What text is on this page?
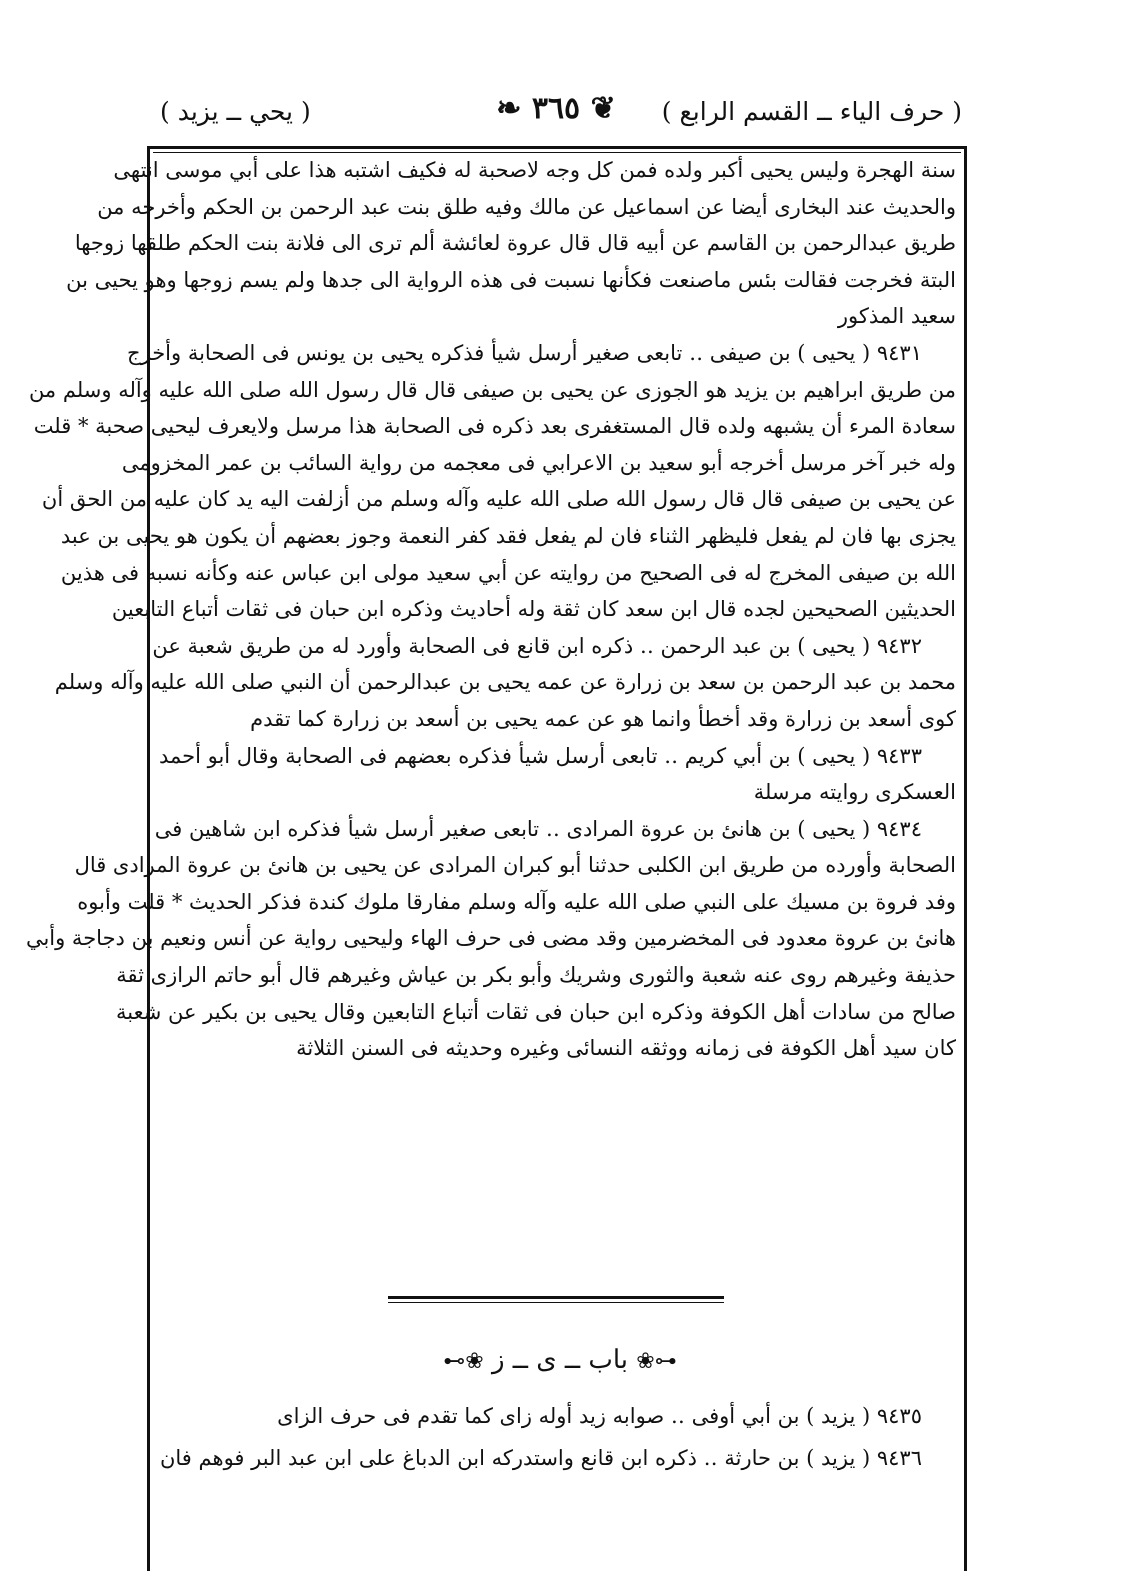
( حرف الياء ــ القسم الرابع )
❦ ٣٦٥ ❧
( يحي ــ يزيد )
سنة الهجرة وليس يحيى أكبر ولده فمن كل وجه لاصحبة له فكيف اشتبه هذا على أبي موسى انتهى
والحديث عند البخارى أيضا عن اسماعيل عن مالك وفيه طلق بنت عبد الرحمن بن الحكم وأخرجه من
طريق عبدالرحمن بن القاسم عن أبيه قال قال عروة لعائشة ألم ترى الى فلانة بنت الحكم طلقها زوجها
البتة فخرجت فقالت بئس ماصنعت فكأنها نسبت فى هذه الرواية الى جدها ولم يسم زوجها وهو يحيى بن
سعيد المذكور
٩٤٣١ ( يحيى ) بن صيفى ‥ تابعى صغير أرسل شيأ فذكره يحيى بن يونس فى الصحابة وأخرج
من طريق ابراهيم بن يزيد هو الجوزى عن يحيى بن صيفى قال قال رسول الله صلى الله عليه وآله وسلم من
سعادة المرء أن يشبهه ولده قال المستغفرى بعد ذكره فى الصحابة هذا مرسل ولايعرف ليحيى صحبة * قلت
وله خبر آخر مرسل أخرجه أبو سعيد بن الاعرابي فى معجمه من رواية السائب بن عمر المخزومى
عن يحيى بن صيفى قال قال رسول الله صلى الله عليه وآله وسلم من أزلفت اليه يد كان عليه من الحق أن
يجزى بها فان لم يفعل فليظهر الثناء فان لم يفعل فقد كفر النعمة وجوز بعضهم أن يكون هو يحيى بن عبد
الله بن صيفى المخرج له فى الصحيح من روايته عن أبي سعيد مولى ابن عباس عنه وكأنه نسبه فى هذين
الحديثين الصحيحين لجده قال ابن سعد كان ثقة وله أحاديث وذكره ابن حبان فى ثقات أتباع التابعين
٩٤٣٢ ( يحيى ) بن عبد الرحمن ‥ ذكره ابن قانع فى الصحابة وأورد له من طريق شعبة عن
محمد بن عبد الرحمن بن سعد بن زرارة عن عمه يحيى بن عبدالرحمن أن النبي صلى الله عليه وآله وسلم
كوى أسعد بن زرارة وقد أخطأ وانما هو عن عمه يحيى بن أسعد بن زرارة كما تقدم
٩٤٣٣ ( يحيى ) بن أبي كريم ‥ تابعى أرسل شيأ فذكره بعضهم فى الصحابة وقال أبو أحمد
العسكرى روايته مرسلة
٩٤٣٤ ( يحيى ) بن هانئ بن عروة المرادى ‥ تابعى صغير أرسل شيأ فذكره ابن شاهين فى
الصحابة وأورده من طريق ابن الكلبى حدثنا أبو كبران المرادى عن يحيى بن هانئ بن عروة المرادى قال
وفد فروة بن مسيك على النبي صلى الله عليه وآله وسلم مفارقا ملوك كندة فذكر الحديث * قلت وأبوه
هانئ بن عروة معدود فى المخضرمين وقد مضى فى حرف الهاء وليحيى رواية عن أنس ونعيم بن دجاجة وأبي
حذيفة وغيرهم روى عنه شعبة والثورى وشريك وأبو بكر بن عياش وغيرهم قال أبو حاتم الرازى ثقة
صالح من سادات أهل الكوفة وذكره ابن حبان فى ثقات أتباع التابعين وقال يحيى بن بكير عن شعبة
كان سيد أهل الكوفة فى زمانه ووثقه النسائى وغيره وحديثه فى السنن الثلاثة
⊷❀ باب ــ ى ــ ز ❀⊶
٩٤٣٥ ( يزيد ) بن أبي أوفى ‥ صوابه زيد أوله زاى كما تقدم فى حرف الزاى
٩٤٣٦ ( يزيد ) بن حارثة ‥ ذكره ابن قانع واستدركه ابن الدباغ على ابن عبد البر فوهم فان
